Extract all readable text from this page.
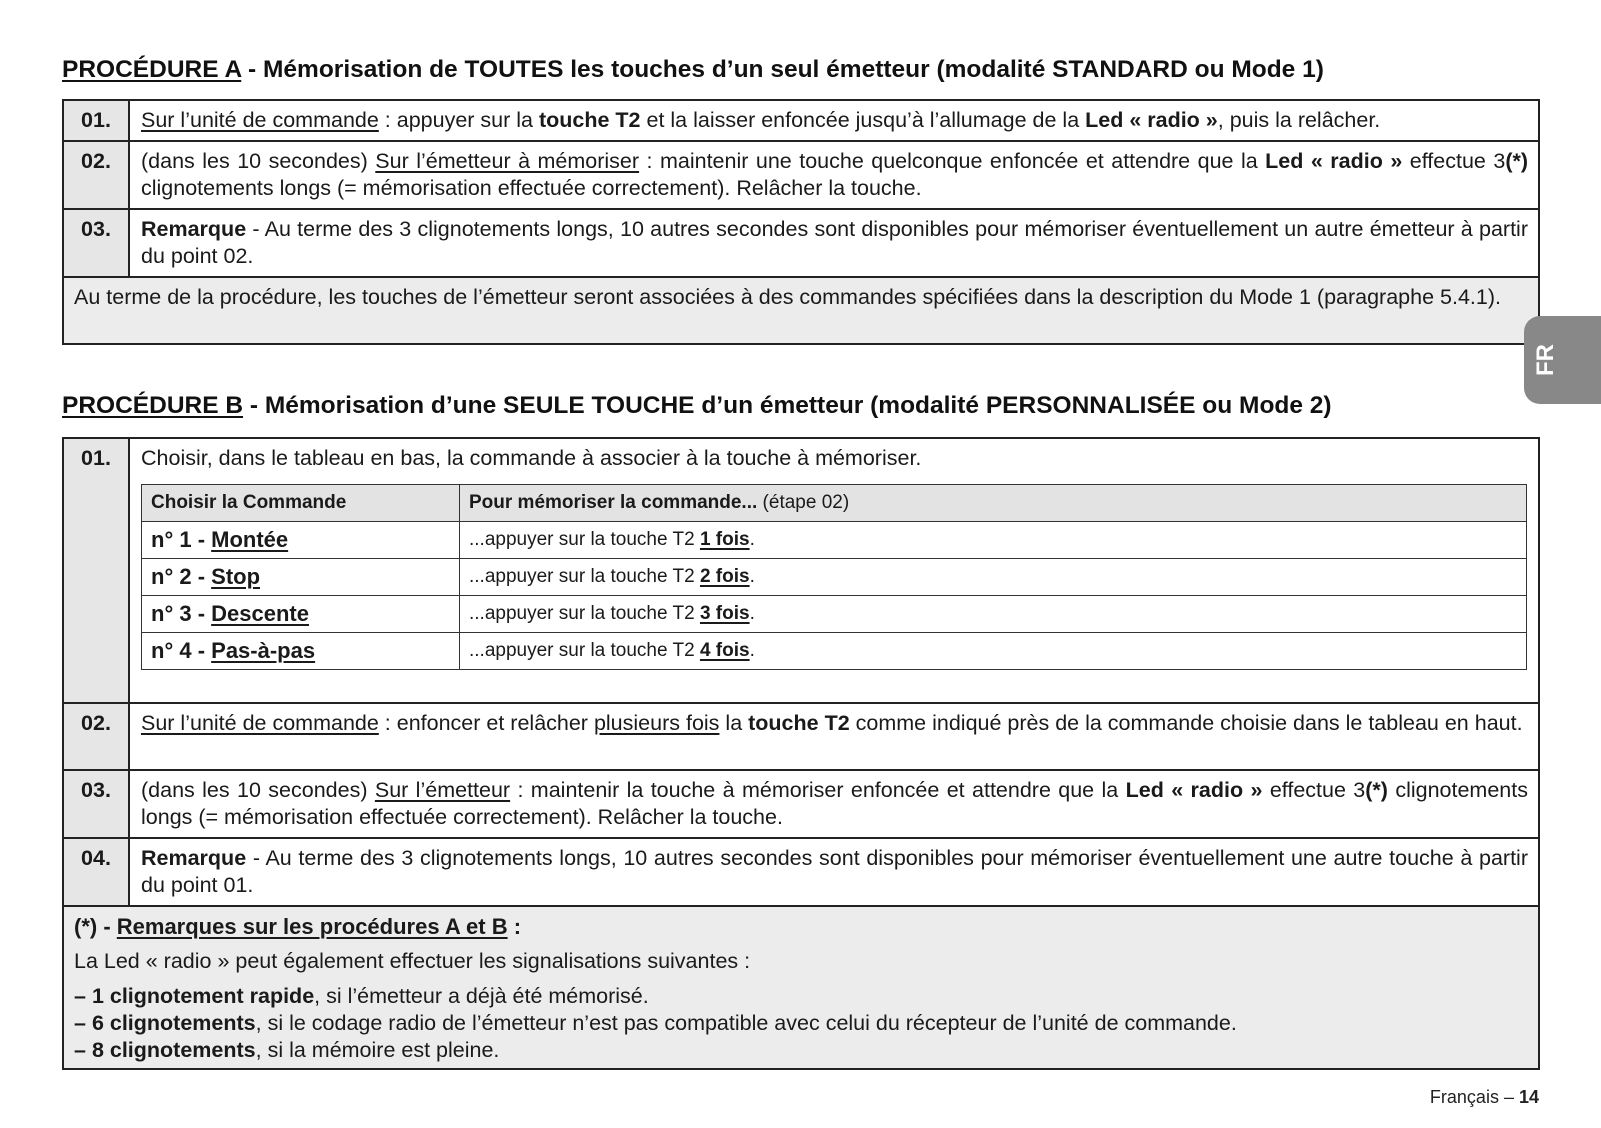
PROCÉDURE A - Mémorisation de TOUTES les touches d’un seul émetteur (modalité STANDARD ou Mode 1)
01.	Sur l’unité de commande : appuyer sur la touche T2 et la laisser enfoncée jusqu’à l’allumage de la Led « radio », puis la relâcher.
02.	(dans les 10 secondes) Sur l’émetteur à mémoriser : maintenir une touche quelconque enfoncée et attendre que la Led « radio » effectue 3(*) clignotements longs (= mémorisation effectuée correctement). Relâcher la touche.
03.	Remarque - Au terme des 3 clignotements longs, 10 autres secondes sont disponibles pour mémoriser éventuellement un autre émetteur à partir du point 02.
Au terme de la procédure, les touches de l’émetteur seront associées à des commandes spécifiées dans la description du Mode 1 (paragraphe 5.4.1).	
PROCÉDURE B - Mémorisation d’une SEULE TOUCHE d’un émetteur (modalité PERSONNALISÉE ou Mode 2)
01.	Choisir, dans le tableau en bas, la commande à associer à la touche à mémoriser.
Choisir la Commande	Pour mémoriser la commande... (étape 02)
n° 1 - Montée	...appuyer sur la touche T2 1 fois.
n° 2 - Stop	...appuyer sur la touche T2 2 fois.
n° 3 - Descente	...appuyer sur la touche T2 3 fois.
n° 4 - Pas-à-pas	...appuyer sur la touche T2 4 fois.

02.	Sur l’unité de commande : enfoncer et relâcher plusieurs fois la touche T2 comme indiqué près de la commande choisie dans le tableau en haut.
03.	(dans les 10 secondes) Sur l’émetteur : maintenir la touche à mémoriser enfoncée et attendre que la Led « radio » effectue 3(*) clignotements longs (= mémorisation effectuée correctement). Relâcher la touche.
04.	Remarque - Au terme des 3 clignotements longs, 10 autres secondes sont disponibles pour mémoriser éventuellement une autre touche à partir du point 01.

(*) - Remarques sur les procédures A et B :
La Led « radio » peut également effectuer les signalisations suivantes :
– 1 clignotement rapide, si l’émetteur a déjà été mémorisé.
– 6 clignotements, si le codage radio de l’émetteur n’est pas compatible avec celui du récepteur de l’unité de commande.
– 8 clignotements, si la mémoire est pleine.
FR
Français – 14
